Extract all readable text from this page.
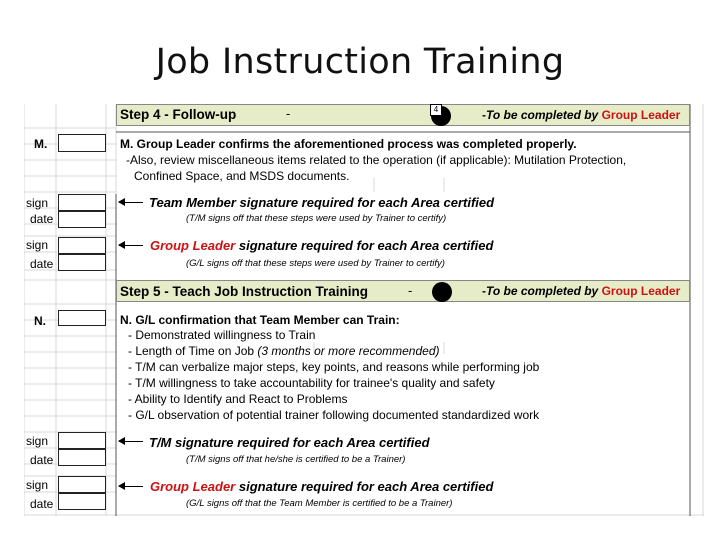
Job Instruction Training
Step 4 - Follow-up	-	4	-To be completed by Group Leader
M.	M. Group Leader confirms the aforementioned process was completed properly.
-Also, review miscellaneous items related to the operation (if applicable): Mutilation Protection,
Confined Space, and MSDS documents.
sign
date
Team Member signature required for each Area certified
(T/M signs off that these steps were used by Trainer to certify)
sign
date
Group Leader signature required for each Area certified
(G/L signs off that these steps were used by Trainer to certify)
Step 5 - Teach Job Instruction Training	-	-To be completed by Group Leader
N.	N. G/L confirmation that Team Member can Train:
- Demonstrated willingness to Train
- Length of Time on Job (3 months or more recommended)
- T/M can verbalize major steps, key points, and reasons while performing job
- T/M willingness to take accountability for trainee's quality and safety
- Ability to Identify and React to Problems
- G/L observation of potential trainer following documented standardized work
sign
date
T/M signature required for each Area certified
(T/M signs off that he/she is certified to be a Trainer)
sign
date
Group Leader signature required for each Area certified
(G/L signs off that the Team Member is certified to be a Trainer)
